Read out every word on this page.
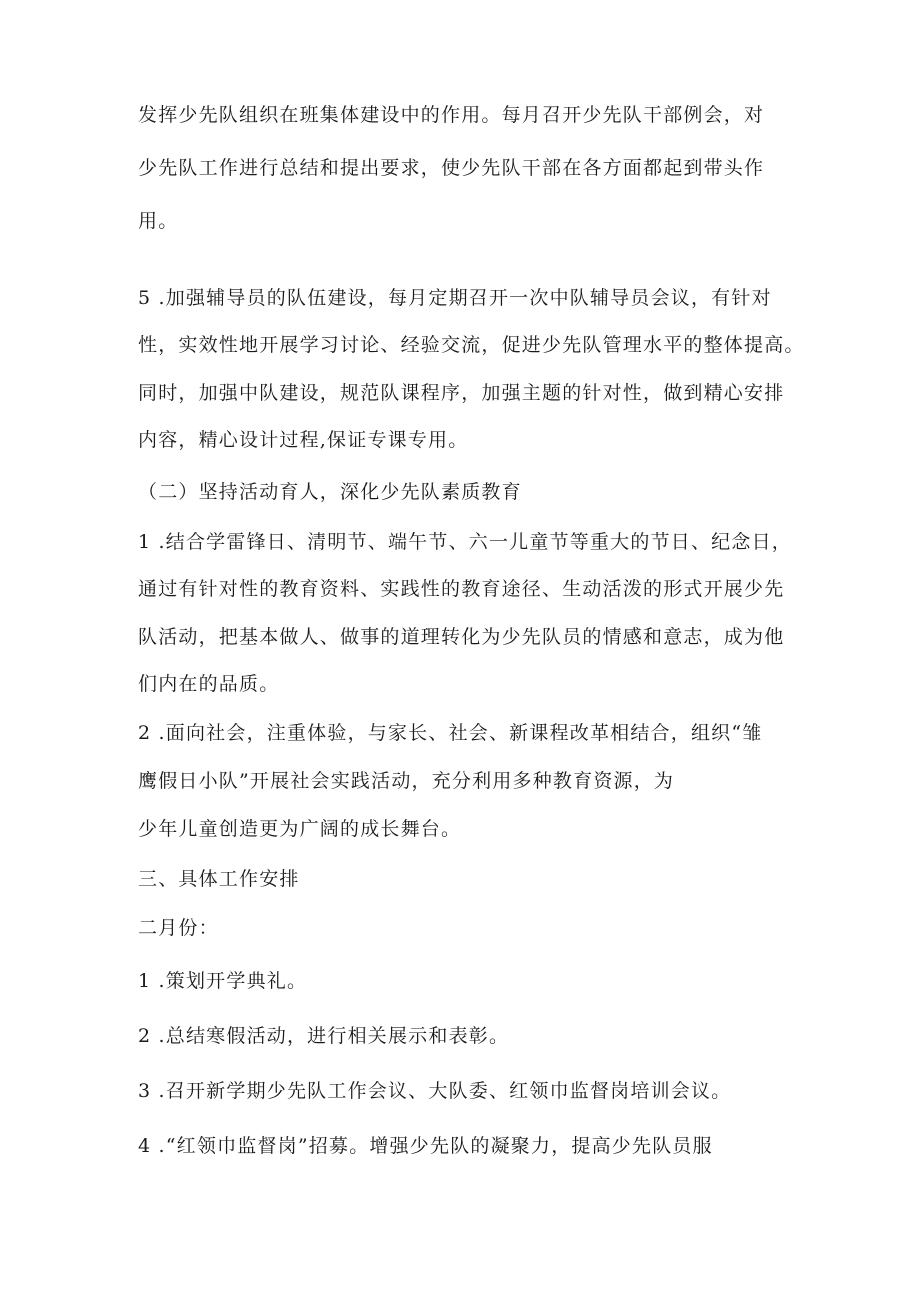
发挥少先队组织在班集体建设中的作用。每月召开少先队干部例会，对
少先队工作进行总结和提出要求，使少先队干部在各方面都起到带头作
用。
5 .加强辅导员的队伍建设，每月定期召开一次中队辅导员会议，有针对
性，实效性地开展学习讨论、经验交流，促进少先队管理水平的整体提高。
同时，加强中队建设，规范队课程序，加强主题的针对性，做到精心安排
内容，精心设计过程,保证专课专用。
（二）坚持活动育人，深化少先队素质教育
1 .结合学雷锋日、清明节、端午节、六一儿童节等重大的节日、纪念日，
通过有针对性的教育资料、实践性的教育途径、生动活泼的形式开展少先
队活动，把基本做人、做事的道理转化为少先队员的情感和意志，成为他
们内在的品质。
2 .面向社会，注重体验，与家长、社会、新课程改革相结合，组织“雏
鹰假日小队”开展社会实践活动，充分利用多种教育资源，为
少年儿童创造更为广阔的成长舞台。
三、具体工作安排
二月份：
1 .策划开学典礼。
2 .总结寒假活动，进行相关展示和表彰。
3 .召开新学期少先队工作会议、大队委、红领巾监督岗培训会议。
4 .“红领巾监督岗”招募。增强少先队的凝聚力，提高少先队员服
